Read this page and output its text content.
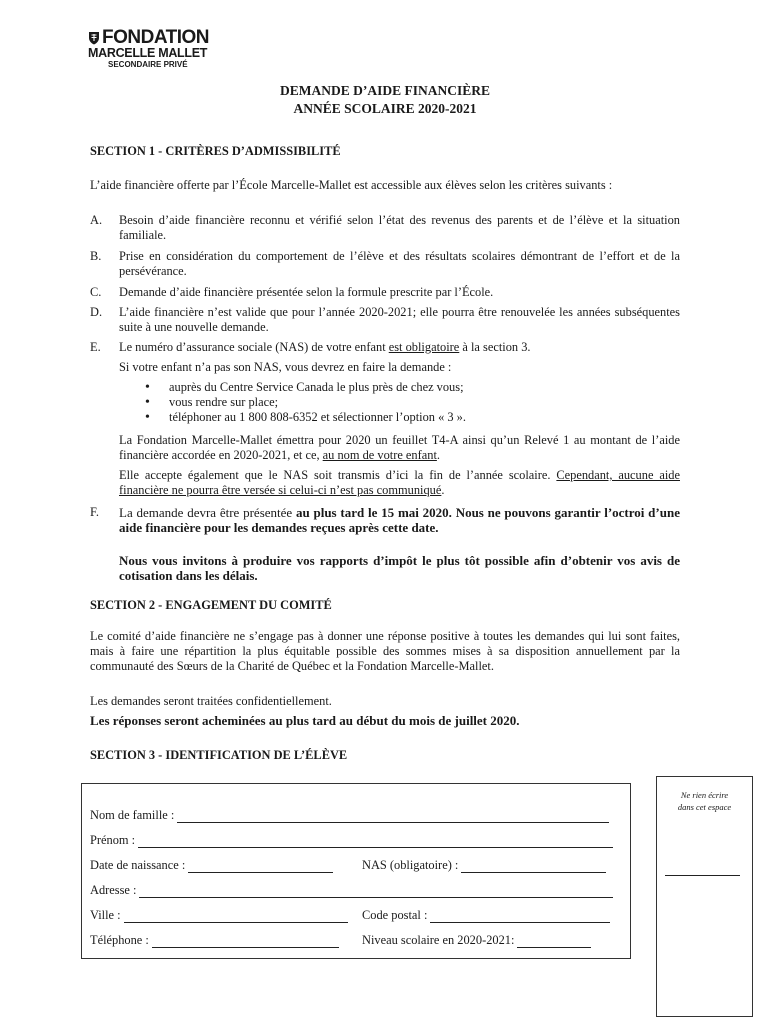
FONDATION
MARCELLE MALLET
SECONDAIRE PRIVÉ
DEMANDE D’AIDE FINANCIÈRE
ANNÉE SCOLAIRE 2020-2021
SECTION 1 - CRITÈRES D’ADMISSIBILITÉ
L’aide financière offerte par l’École Marcelle-Mallet est accessible aux élèves selon les critères suivants :
A.	Besoin d’aide financière reconnu et vérifié selon l’état des revenus des parents et de l’élève et la situation familiale.
B.	Prise en considération du comportement de l’élève et des résultats scolaires démontrant de l’effort et de la persévérance.
C.	Demande d’aide financière présentée selon la formule prescrite par l’École.
D.	L’aide financière n’est valide que pour l’année 2020-2021; elle pourra être renouvelée les années subséquentes suite à une nouvelle demande.
E.	Le numéro d’assurance sociale (NAS) de votre enfant est obligatoire à la section 3.
Si votre enfant n’a pas son NAS, vous devrez en faire la demande :
• auprès du Centre Service Canada le plus près de chez vous;
• vous rendre sur place;
• téléphoner au 1 800 808-6352 et sélectionner l’option « 3 ».
La Fondation Marcelle-Mallet émettra pour 2020 un feuillet T4-A ainsi qu’un Relevé 1 au montant de l’aide financière accordée en 2020-2021, et ce, au nom de votre enfant.
Elle accepte également que le NAS soit transmis d’ici la fin de l’année scolaire. Cependant, aucune aide financière ne pourra être versée si celui-ci n’est pas communiqué.
F.	La demande devra être présentée au plus tard le 15 mai 2020. Nous ne pouvons garantir l’octroi d’une aide financière pour les demandes reçues après cette date.
Nous vous invitons à produire vos rapports d’impôt le plus tôt possible afin d’obtenir vos avis de cotisation dans les délais.
SECTION 2 - ENGAGEMENT DU COMITÉ
Le comité d’aide financière ne s’engage pas à donner une réponse positive à toutes les demandes qui lui sont faites, mais à faire une répartition la plus équitable possible des sommes mises à sa disposition annuellement par la communauté des Sœurs de la Charité de Québec et la Fondation Marcelle-Mallet.
Les demandes seront traitées confidentiellement.
Les réponses seront acheminées au plus tard au début du mois de juillet 2020.
SECTION 3 - IDENTIFICATION DE L’ÉLÈVE
Nom de famille :
Prénom :
Date de naissance :	NAS (obligatoire) :
Adresse :
Ville :	Code postal :
Téléphone :	Niveau scolaire en 2020-2021:
Ne rien écrire
dans cet espace
